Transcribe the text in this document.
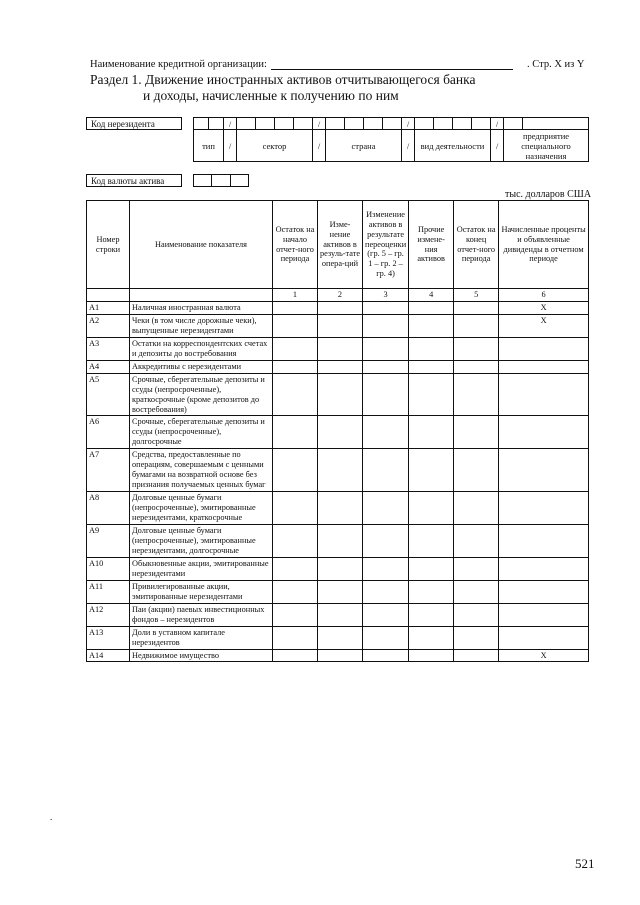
Наименование кредитной организации:	. Стр. X из Y
Раздел 1. Движение иностранных активов отчитывающегося банка
и доходы, начисленные к получению по ним
Код нерезидента
			/					/					/					/		
тип		/	сектор				/	страна				/	вид деятельности				/	предприятие специального назначения	
Код валюты актива

тыс. долларов США
Номер строки	Наименование показателя	Остаток на начало отчет-ного периода	Изме-нение активов в резуль-тате опера-ций	Изменение активов в результате переоценки (гр. 5 – гр. 1 – гр. 2 – гр. 4)	Прочие измене-ния активов	Остаток на конец отчет-ного периода	Начисленные проценты и объявленные дивиденды в отчетном периоде
		1	2	3	4	5	6
A1	Наличная иностранная валюта						X
A2	Чеки (в том числе дорожные чеки), выпущенные нерезидентами						X
A3	Остатки на корреспондентских счетах и депозиты до востребования						
A4	Аккредитивы с нерезидентами						
A5	Срочные, сберегательные депозиты и ссуды (непросроченные), краткосрочные (кроме депозитов до востребования)						
A6	Срочные, сберегательные депозиты и ссуды (непросроченные), долгосрочные						
A7	Средства, предоставленные по операциям, совершаемым с ценными бумагами на возвратной основе без признания получаемых ценных бумаг						
A8	Долговые ценные бумаги (непросроченные), эмитированные нерезидентами, краткосрочные						
A9	Долговые ценные бумаги (непросроченные), эмитированные нерезидентами, долгосрочные						
A10	Обыкновенные акции, эмитированные нерезидентами						
A11	Привилегированные акции, эмитированные нерезидентами						
A12	Паи (акции) паевых инвестиционных фондов – нерезидентов						
A13	Доли в уставном капитале нерезидентов						
A14	Недвижимое имущество						X
.
521
